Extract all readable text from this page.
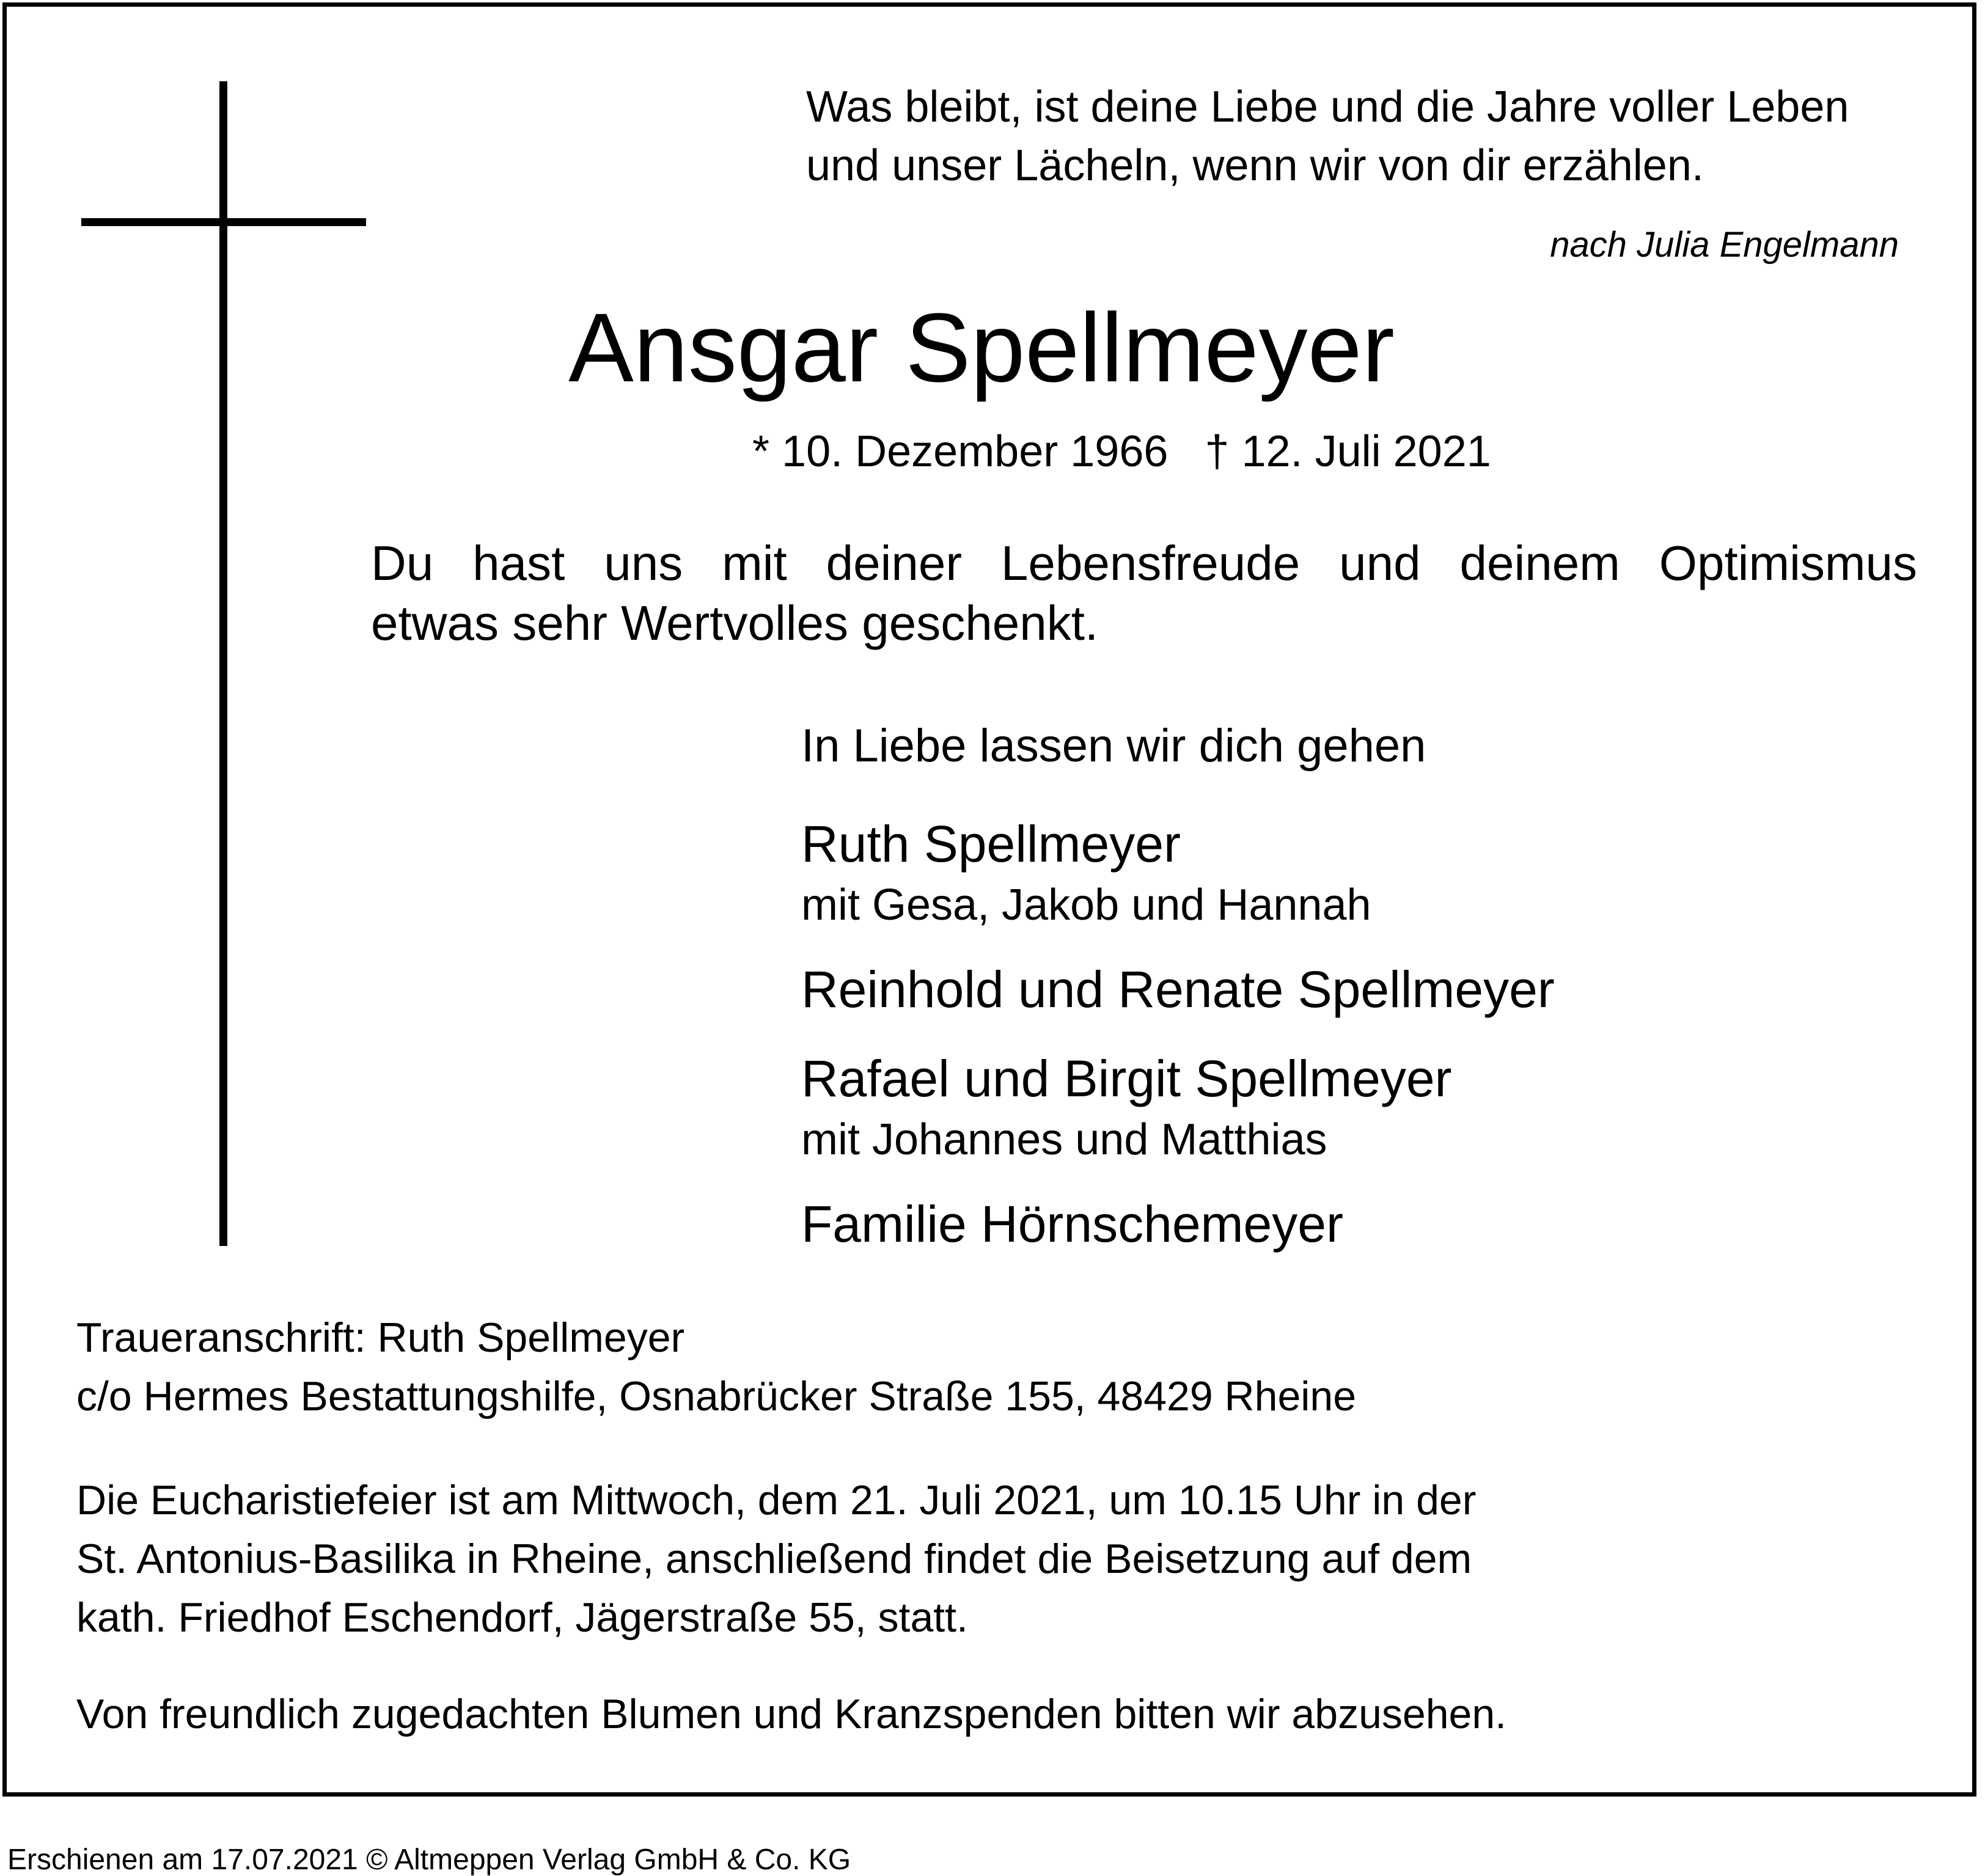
Was bleibt, ist deine Liebe und die Jahre voller Leben
und unser Lächeln, wenn wir von dir erzählen.
nach Julia Engelmann
Ansgar Spellmeyer
* 10. Dezember 1966 † 12. Juli 2021
Du hast uns mit deiner Lebensfreude und deinem Optimismus
etwas sehr Wertvolles geschenkt.
In Liebe lassen wir dich gehen
Ruth Spellmeyer
mit Gesa, Jakob und Hannah
Reinhold und Renate Spellmeyer
Rafael und Birgit Spellmeyer
mit Johannes und Matthias
Familie Hörnschemeyer
Traueranschrift: Ruth Spellmeyer
c/o Hermes Bestattungshilfe, Osnabrücker Straße 155, 48429 Rheine
Die Eucharistiefeier ist am Mittwoch, dem 21. Juli 2021, um 10.15 Uhr in der
St. Antonius-Basilika in Rheine, anschließend findet die Beisetzung auf dem
kath. Friedhof Eschendorf, Jägerstraße 55, statt.
Von freundlich zugedachten Blumen und Kranzspenden bitten wir abzusehen.
Erschienen am 17.07.2021 © Altmeppen Verlag GmbH & Co. KG
